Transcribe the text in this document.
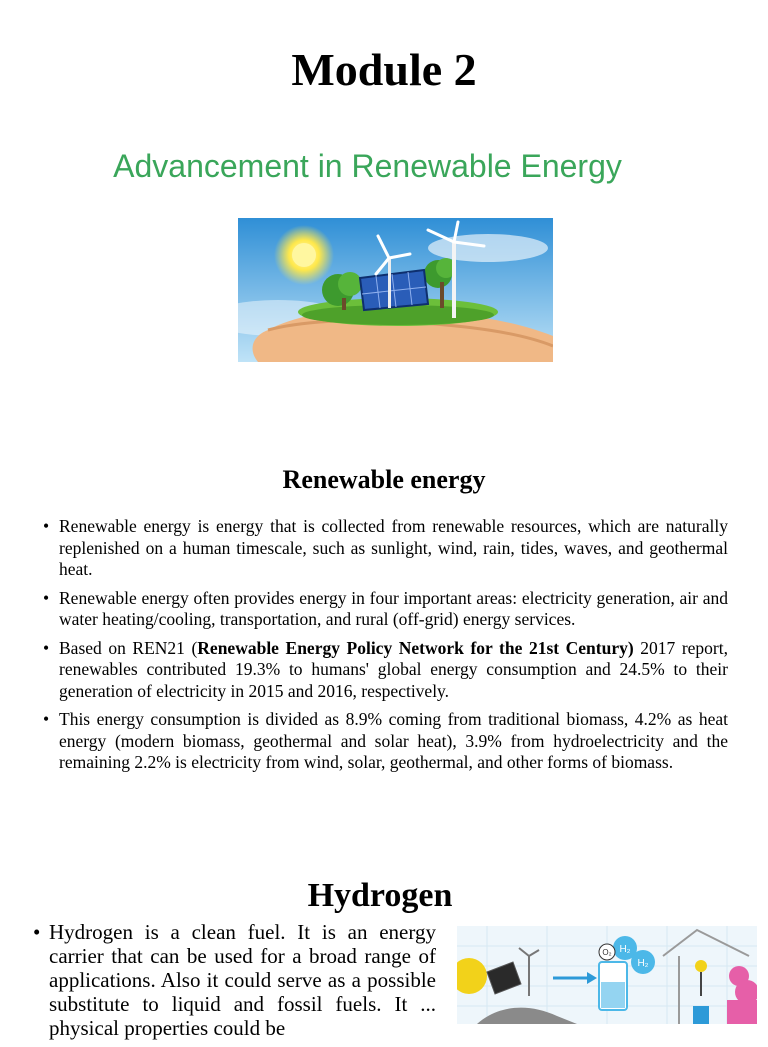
Module 2
Advancement in Renewable Energy
Renewable energy
• Renewable energy is energy that is collected from renewable resources, which are naturally replenished on a human timescale, such as sunlight, wind, rain, tides, waves, and geothermal heat.
• Renewable energy often provides energy in four important areas: electricity generation, air and water heating/cooling, transportation, and rural (off-grid) energy services.
• Based on REN21 (Renewable Energy Policy Network for the 21st Century) 2017 report, renewables contributed 19.3% to humans' global energy consumption and 24.5% to their generation of electricity in 2015 and 2016, respectively.
• This energy consumption is divided as 8.9% coming from traditional biomass, 4.2% as heat energy (modern biomass, geothermal and solar heat), 3.9% from hydroelectricity and the remaining 2.2% is electricity from wind, solar, geothermal, and other forms of biomass.
Hydrogen
• Hydrogen is a clean fuel. It is an energy carrier that can be used for a broad range of applications. Also it could serve as a possible substitute to liquid and fossil fuels. It ... physical properties could be
H₂
H₂
O₂
